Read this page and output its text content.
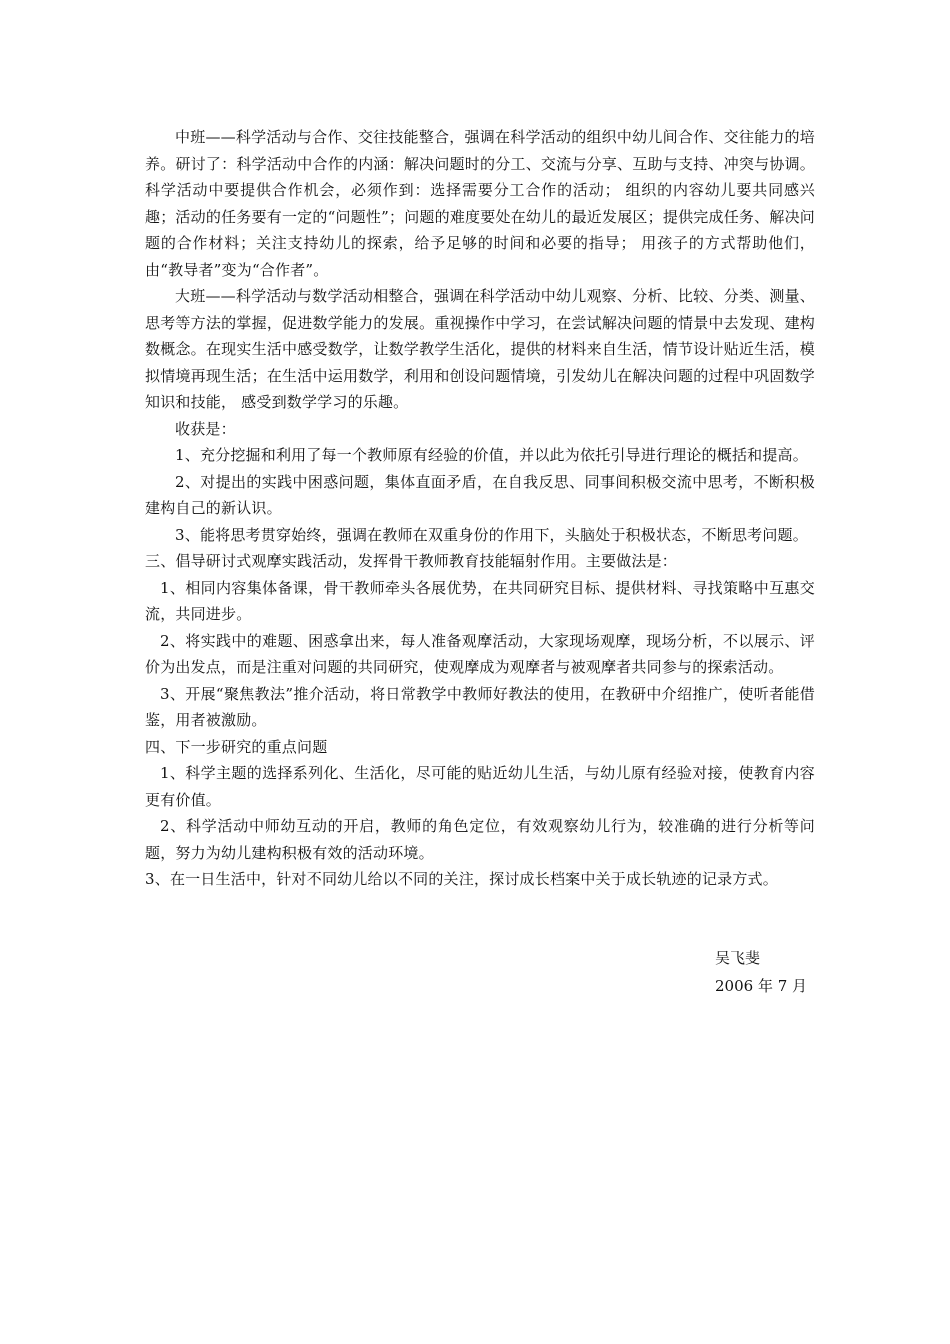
中班——科学活动与合作、交往技能整合，强调在科学活动的组织中幼儿间合作、交往能力的培养。研讨了：科学活动中合作的内涵：解决问题时的分工、交流与分享、互助与支持、冲突与协调。科学活动中要提供合作机会，必须作到：选择需要分工合作的活动； 组织的内容幼儿要共同感兴趣；活动的任务要有一定的“问题性”；问题的难度要处在幼儿的最近发展区；提供完成任务、解决问题的合作材料；关注支持幼儿的探索，给予足够的时间和必要的指导； 用孩子的方式帮助他们，由“教导者”变为“合作者”。

大班——科学活动与数学活动相整合，强调在科学活动中幼儿观察、分析、比较、分类、测量、思考等方法的掌握，促进数学能力的发展。重视操作中学习，在尝试解决问题的情景中去发现、建构数概念。在现实生活中感受数学，让数学教学生活化，提供的材料来自生活，情节设计贴近生活，模拟情境再现生活；在生活中运用数学，利用和创设问题情境，引发幼儿在解决问题的过程中巩固数学知识和技能， 感受到数学学习的乐趣。

收获是：

1、充分挖掘和利用了每一个教师原有经验的价值，并以此为依托引导进行理论的概括和提高。

2、对提出的实践中困惑问题，集体直面矛盾，在自我反思、同事间积极交流中思考，不断积极建构自己的新认识。

3、能将思考贯穿始终，强调在教师在双重身份的作用下，头脑处于积极状态，不断思考问题。

三、倡导研讨式观摩实践活动，发挥骨干教师教育技能辐射作用。主要做法是：

1、相同内容集体备课，骨干教师牵头各展优势，在共同研究目标、提供材料、寻找策略中互惠交流，共同进步。

2、将实践中的难题、困惑拿出来，每人准备观摩活动，大家现场观摩，现场分析，不以展示、评价为出发点，而是注重对问题的共同研究，使观摩成为观摩者与被观摩者共同参与的探索活动。

3、开展“聚焦教法”推介活动，将日常教学中教师好教法的使用，在教研中介绍推广，使听者能借鉴，用者被激励。

四、下一步研究的重点问题

1、科学主题的选择系列化、生活化，尽可能的贴近幼儿生活，与幼儿原有经验对接，使教育内容更有价值。

2、科学活动中师幼互动的开启，教师的角色定位，有效观察幼儿行为，较准确的进行分析等问题，努力为幼儿建构积极有效的活动环境。

3、在一日生活中，针对不同幼儿给以不同的关注，探讨成长档案中关于成长轨迹的记录方式。

吴飞斐
2006 年 7 月
